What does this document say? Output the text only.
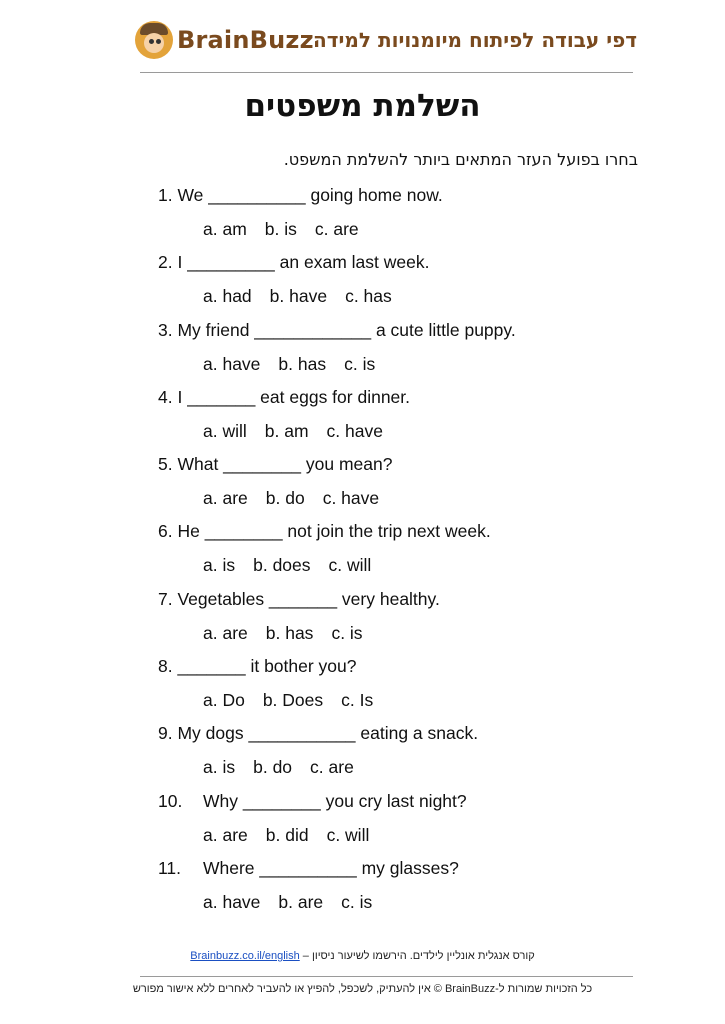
BrainBuzz דפי עבודה לפיתוח מיומנויות למידה
השלמת משפטים
בחרו בפועל העזר המתאים ביותר להשלמת המשפט.
1. We __________ going home now.
a. am b. is c. are
2. I _________ an exam last week.
a. had b. have c. has
3. My friend ____________ a cute little puppy.
a. have b. has c. is
4. I _______ eat eggs for dinner.
a. will b. am c. have
5. What ________ you mean?
a. are b. do c. have
6. He ________ not join the trip next week.
a. is b. does c. will
7. Vegetables _______ very healthy.
a. are b. has c. is
8. _______ it bother you?
a. Do b. Does c. Is
9. My dogs ___________ eating a snack.
a. is b. do c. are
10. Why ________ you cry last night?
a. are b. did c. will
11. Where __________ my glasses?
a. have b. are c. is
קורס אנגלית אונליין לילדים. הירשמו לשיעור ניסיון – Brainbuzz.co.il/english
כל הזכויות שמורות ל-BrainBuzz © אין להעתיק, לשכפל, להפיץ או להעביר לאחרים ללא אישור מפורש
